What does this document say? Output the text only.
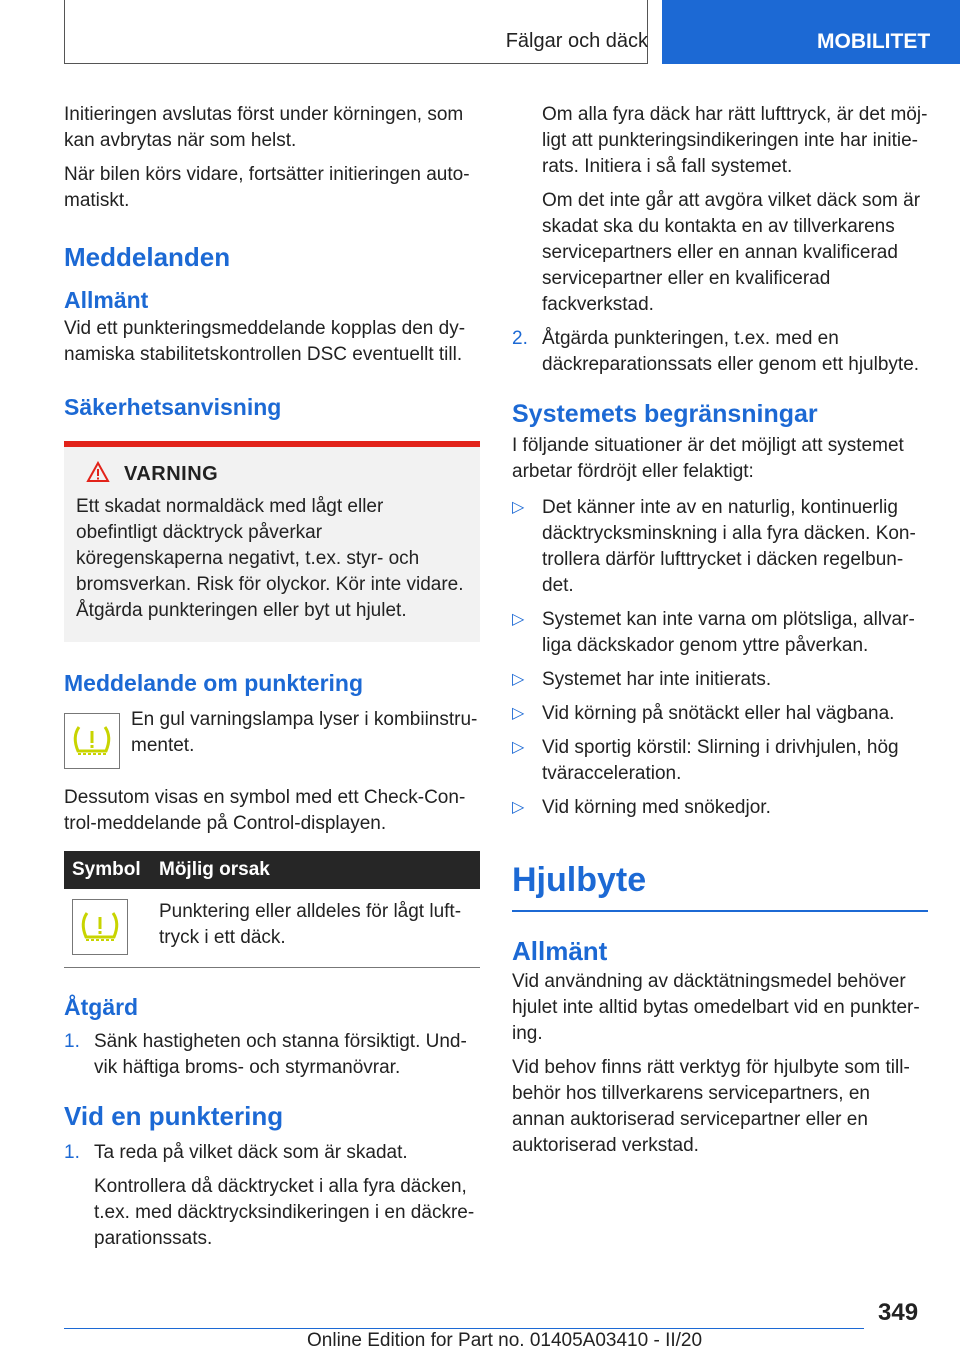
Fälgar och däck	MOBILITET

Initieringen avslutas först under körningen, som kan avbrytas när som helst.

När bilen körs vidare, fortsätter initieringen automatiskt.

Meddelanden
Allmänt

Vid ett punkteringsmeddelande kopplas den dynamiska stabilitetskontrollen DSC eventuellt till.

Säkerhetsanvisning
VARNING

Ett skadat normaldäck med lågt eller obefintligt däcktryck påverkar köregenskaperna negativt, t.ex. styr- och bromsverkan. Risk för olyckor. Kör inte vidare. Åtgärda punkteringen eller byt ut hjulet.

Meddelande om punktering

En gul varningslampa lyser i kombiinstrumentet.

Dessutom visas en symbol med ett Check-Control-meddelande på Control-displayen.

Symbol Möjlig orsak

Punktering eller alldeles för lågt lufttryck i ett däck.

Åtgärd
1. Sänk hastigheten och stanna försiktigt. Undvik häftiga broms- och styrmanövrar.
Vid en punktering
1. Ta reda på vilket däck som är skadat.

Kontrollera då däcktrycket i alla fyra däcken, t.ex. med däcktrycksindikeringen i en däckreparationssats.

Om alla fyra däck har rätt lufttryck, är det möjligt att punkteringsindikeringen inte har initierats. Initiera i så fall systemet.

Om det inte går att avgöra vilket däck som är skadat ska du kontakta en av tillverkarens servicepartners eller en annan kvalificerad servicepartner eller en kvalificerad fackverkstad.

2. Åtgärda punkteringen, t.ex. med en däckreparationssats eller genom ett hjulbyte.
Systemets begränsningar

I följande situationer är det möjligt att systemet arbetar fördröjt eller felaktigt:

▷ Det känner inte av en naturlig, kontinuerlig däcktrycksminskning i alla fyra däcken. Kontrollera därför lufttrycket i däcken regelbundet.
▷ Systemet kan inte varna om plötsliga, allvarliga däckskador genom yttre påverkan.
▷ Systemet har inte initierats.
▷ Vid körning på snötäckt eller hal vägbana.
▷ Vid sportig körstil: Slirning i drivhjulen, hög tväracceleration.
▷ Vid körning med snökedjor.
Hjulbyte
Allmänt

Vid användning av däcktätningsmedel behöver hjulet inte alltid bytas omedelbart vid en punktering.

Vid behov finns rätt verktyg för hjulbyte som tillbehör hos tillverkarens servicepartners, en annan auktoriserad servicepartner eller en auktoriserad verkstad.

349
Online Edition for Part no. 01405A03410 - II/20
